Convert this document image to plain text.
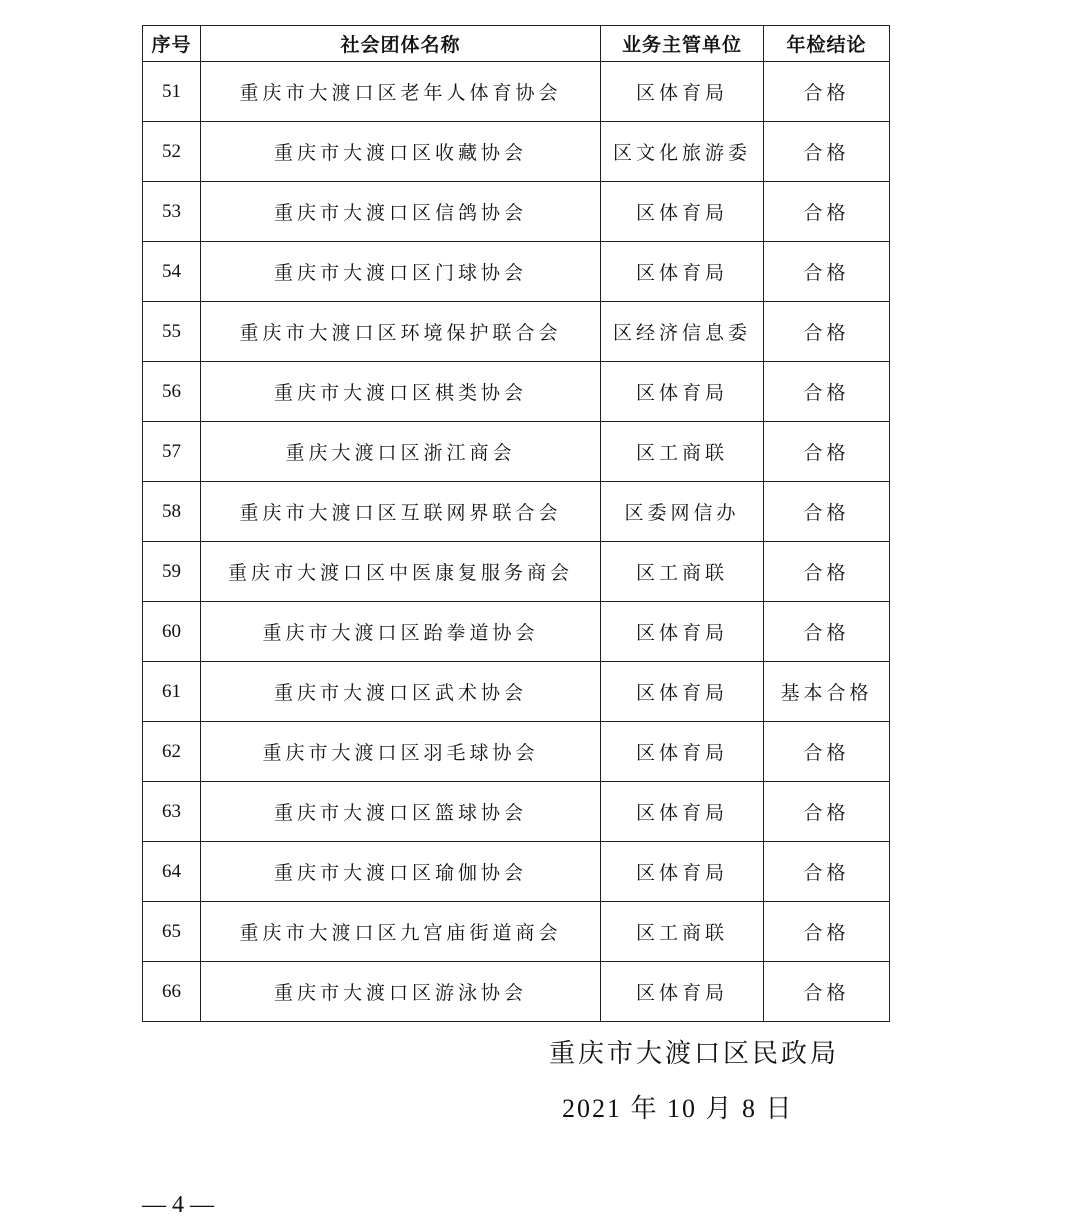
序号	社会团体名称	业务主管单位	年检结论
51	重庆市大渡口区老年人体育协会	区体育局	合格
52	重庆市大渡口区收藏协会	区文化旅游委	合格
53	重庆市大渡口区信鸽协会	区体育局	合格
54	重庆市大渡口区门球协会	区体育局	合格
55	重庆市大渡口区环境保护联合会	区经济信息委	合格
56	重庆市大渡口区棋类协会	区体育局	合格
57	重庆大渡口区浙江商会	区工商联	合格
58	重庆市大渡口区互联网界联合会	区委网信办	合格
59	重庆市大渡口区中医康复服务商会	区工商联	合格
60	重庆市大渡口区跆拳道协会	区体育局	合格
61	重庆市大渡口区武术协会	区体育局	基本合格
62	重庆市大渡口区羽毛球协会	区体育局	合格
63	重庆市大渡口区篮球协会	区体育局	合格
64	重庆市大渡口区瑜伽协会	区体育局	合格
65	重庆市大渡口区九宫庙街道商会	区工商联	合格
66	重庆市大渡口区游泳协会	区体育局	合格
重庆市大渡口区民政局
2021 年 10 月 8 日
— 4 —
